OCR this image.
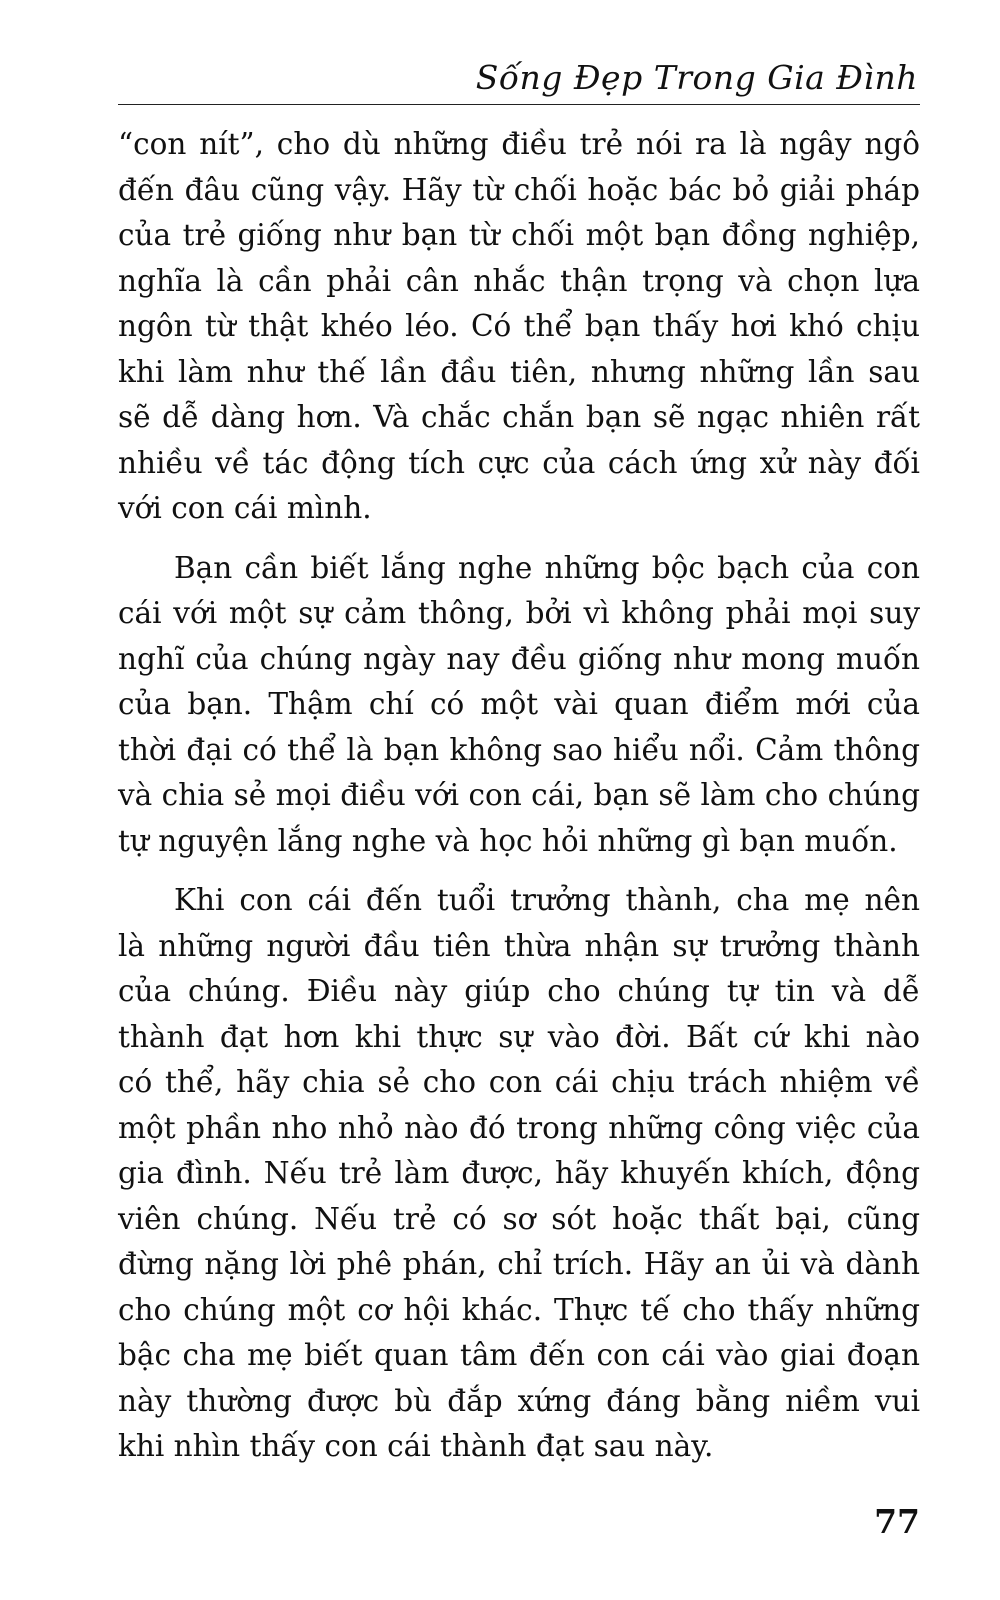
Sống Đẹp Trong Gia Đình

“con nít”, cho dù những điều trẻ nói ra là ngây ngô
đến đâu cũng vậy. Hãy từ chối hoặc bác bỏ giải pháp
của trẻ giống như bạn từ chối một bạn đồng nghiệp,
nghĩa là cần phải cân nhắc thận trọng và chọn lựa
ngôn từ thật khéo léo. Có thể bạn thấy hơi khó chịu
khi làm như thế lần đầu tiên, nhưng những lần sau
sẽ dễ dàng hơn. Và chắc chắn bạn sẽ ngạc nhiên rất
nhiều về tác động tích cực của cách ứng xử này đối
với con cái mình.

Bạn cần biết lắng nghe những bộc bạch của con
cái với một sự cảm thông, bởi vì không phải mọi suy
nghĩ của chúng ngày nay đều giống như mong muốn
của bạn. Thậm chí có một vài quan điểm mới của
thời đại có thể là bạn không sao hiểu nổi. Cảm thông
và chia sẻ mọi điều với con cái, bạn sẽ làm cho chúng
tự nguyện lắng nghe và học hỏi những gì bạn muốn.

Khi con cái đến tuổi trưởng thành, cha mẹ nên
là những người đầu tiên thừa nhận sự trưởng thành
của chúng. Điều này giúp cho chúng tự tin và dễ
thành đạt hơn khi thực sự vào đời. Bất cứ khi nào
có thể, hãy chia sẻ cho con cái chịu trách nhiệm về
một phần nho nhỏ nào đó trong những công việc của
gia đình. Nếu trẻ làm được, hãy khuyến khích, động
viên chúng. Nếu trẻ có sơ sót hoặc thất bại, cũng
đừng nặng lời phê phán, chỉ trích. Hãy an ủi và dành
cho chúng một cơ hội khác. Thực tế cho thấy những
bậc cha mẹ biết quan tâm đến con cái vào giai đoạn
này thường được bù đắp xứng đáng bằng niềm vui
khi nhìn thấy con cái thành đạt sau này.

77
